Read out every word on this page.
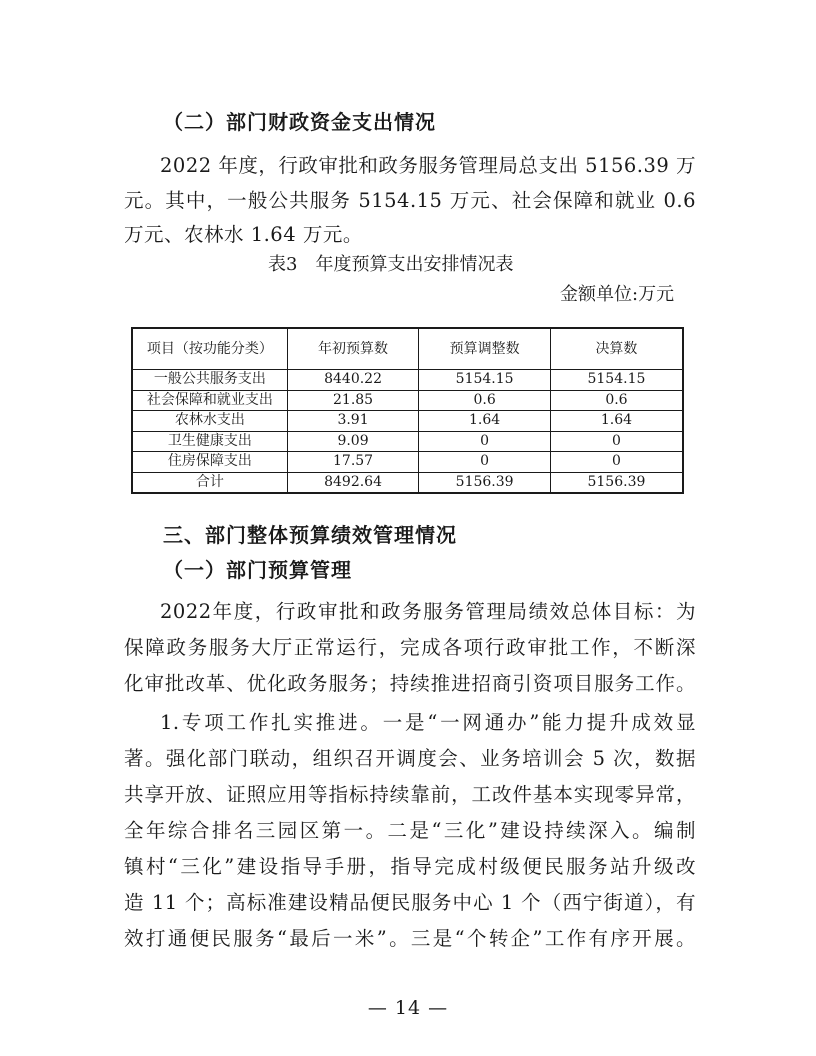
（二）部门财政资金支出情况
2022 年度，行政审批和政务服务管理局总支出 5156.39 万
元。其中，一般公共服务 5154.15 万元、社会保障和就业 0.6
万元、农林水 1.64 万元。
表3　年度预算支出安排情况表
金额单位:万元
项目（按功能分类）	年初预算数	预算调整数	决算数
一般公共服务支出	8440.22	5154.15	5154.15
社会保障和就业支出	21.85	0.6	0.6
农林水支出	3.91	1.64	1.64
卫生健康支出	9.09	0	0
住房保障支出	17.57	0	0
合计	8492.64	5156.39	5156.39
三、部门整体预算绩效管理情况
（一）部门预算管理
2022年度，行政审批和政务服务管理局绩效总体目标：为
保障政务服务大厅正常运行，完成各项行政审批工作，不断深
化审批改革、优化政务服务；持续推进招商引资项目服务工作。
1.专项工作扎实推进。一是“一网通办”能力提升成效显
著。强化部门联动，组织召开调度会、业务培训会 5 次，数据
共享开放、证照应用等指标持续靠前，工改件基本实现零异常，
全年综合排名三园区第一。二是“三化”建设持续深入。编制
镇村“三化”建设指导手册，指导完成村级便民服务站升级改
造 11 个；高标准建设精品便民服务中心 1 个（西宁街道），有
效打通便民服务“最后一米”。三是“个转企”工作有序开展。
— 14 —
